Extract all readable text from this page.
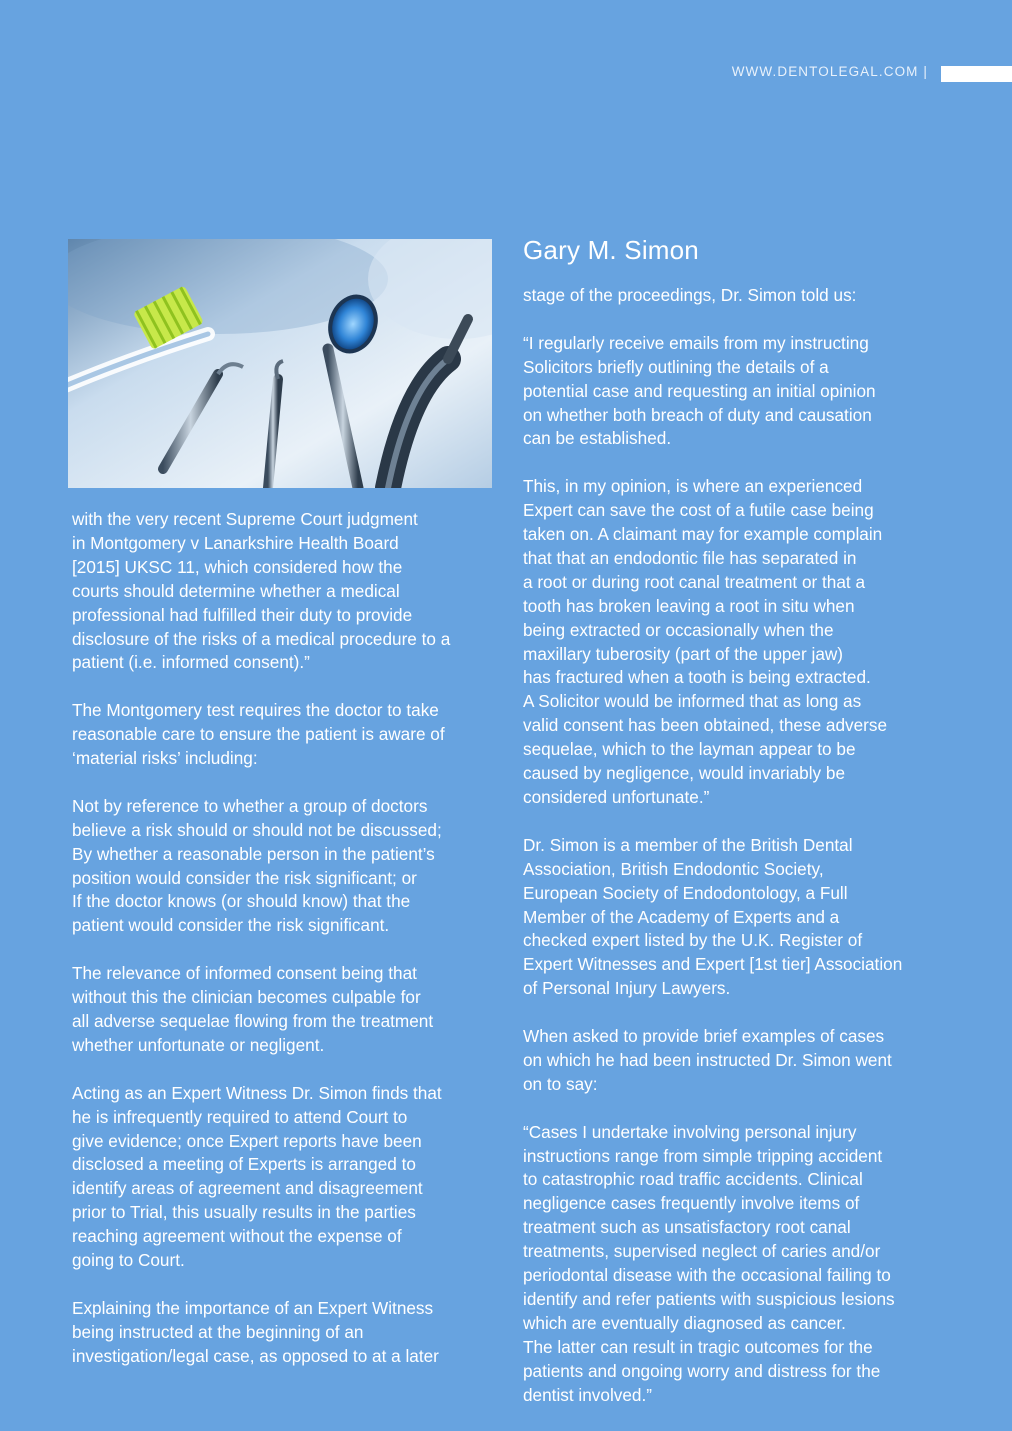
WWW.DENTOLEGAL.COM |
Gary M. Simon

with the very recent Supreme Court judgment
in Montgomery v Lanarkshire Health Board
[2015] UKSC 11, which considered how the
courts should determine whether a medical
professional had fulfilled their duty to provide
disclosure of the risks of a medical procedure to a
patient (i.e. informed consent).”

The Montgomery test requires the doctor to take
reasonable care to ensure the patient is aware of
‘material risks’ including:

Not by reference to whether a group of doctors
believe a risk should or should not be discussed;
By whether a reasonable person in the patient’s
position would consider the risk significant; or
If the doctor knows (or should know) that the
patient would consider the risk significant.

The relevance of informed consent being that
without this the clinician becomes culpable for
all adverse sequelae flowing from the treatment
whether unfortunate or negligent.

Acting as an Expert Witness Dr. Simon finds that
he is infrequently required to attend Court to
give evidence; once Expert reports have been
disclosed a meeting of Experts is arranged to
identify areas of agreement and disagreement
prior to Trial, this usually results in the parties
reaching agreement without the expense of
going to Court.

Explaining the importance of an Expert Witness
being instructed at the beginning of an
investigation/legal case, as opposed to at a later

stage of the proceedings, Dr. Simon told us:

“I regularly receive emails from my instructing
Solicitors briefly outlining the details of a
potential case and requesting an initial opinion
on whether both breach of duty and causation
can be established.

This, in my opinion, is where an experienced
Expert can save the cost of a futile case being
taken on. A claimant may for example complain
that that an endodontic file has separated in
a root or during root canal treatment or that a
tooth has broken leaving a root in situ when
being extracted or occasionally when the
maxillary tuberosity (part of the upper jaw)
has fractured when a tooth is being extracted.
A Solicitor would be informed that as long as
valid consent has been obtained, these adverse
sequelae, which to the layman appear to be
caused by negligence, would invariably be
considered unfortunate.”

Dr. Simon is a member of the British Dental
Association, British Endodontic Society,
European Society of Endodontology, a Full
Member of the Academy of Experts and a
checked expert listed by the U.K. Register of
Expert Witnesses and Expert [1st tier] Association
of Personal Injury Lawyers.

When asked to provide brief examples of cases
on which he had been instructed Dr. Simon went
on to say:

“Cases I undertake involving personal injury
instructions range from simple tripping accident
to catastrophic road traffic accidents. Clinical
negligence cases frequently involve items of
treatment such as unsatisfactory root canal
treatments, supervised neglect of caries and/or
periodontal disease with the occasional failing to
identify and refer patients with suspicious lesions
which are eventually diagnosed as cancer.
The latter can result in tragic outcomes for the
patients and ongoing worry and distress for the
dentist involved.”
